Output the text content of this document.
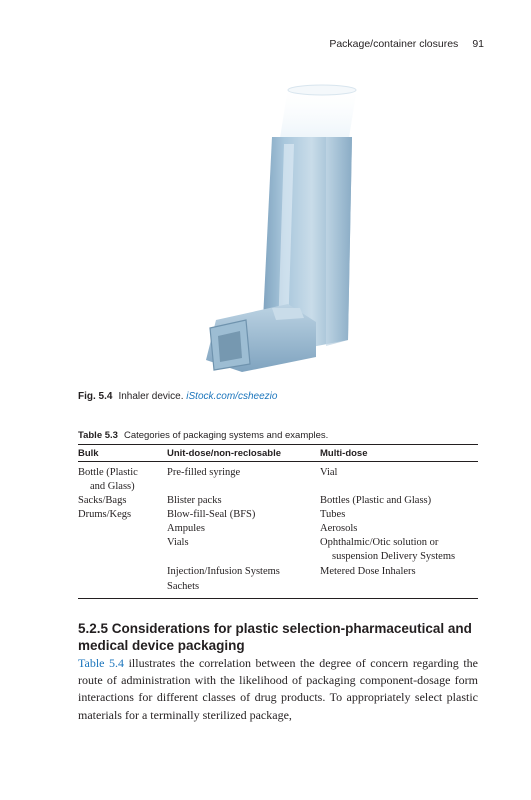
Package/container closures 91
Fig. 5.4 Inhaler device. iStock.com/csheezio
Table 5.3 Categories of packaging systems and examples.
Bulk	Unit-dose/non-reclosable	Multi-dose
Bottle (Plastic
and Glass)
Sacks/Bags
Drums/Kegs
Pre-filled syringe
Blister packs
Blow-fill-Seal (BFS)
Ampules
Vials
Injection/Infusion Systems
Sachets
Vial
Bottles (Plastic and Glass)
Tubes
Aerosols
Ophthalmic/Otic solution or
suspension Delivery Systems
Metered Dose Inhalers
5.2.5 Considerations for plastic selection-pharmaceutical and medical device packaging
Table 5.4 illustrates the correlation between the degree of concern regarding the route of administration with the likelihood of packaging component-dosage form interactions for different classes of drug products. To appropriately select plastic materials for a terminally sterilized package,
